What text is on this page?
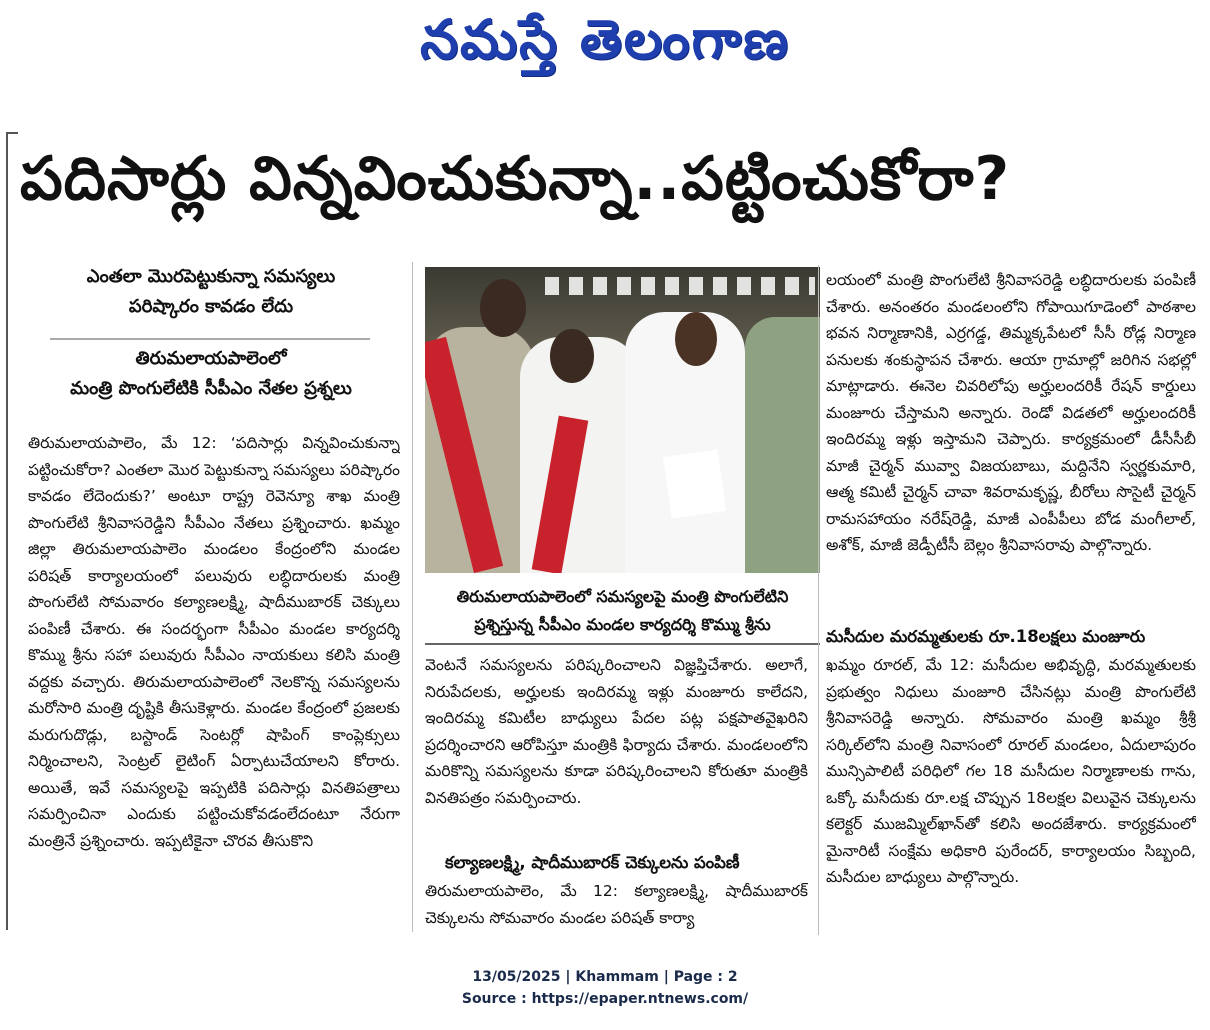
నమస్తే తెలంగాణ
పదిసార్లు విన్నవించుకున్నా..పట్టించుకోరా?
ఎంతలా మొరపెట్టుకున్నా సమస్యలు
పరిష్కారం కావడం లేదు
తిరుమలాయపాలెంలో
మంత్రి పొంగులేటికి సీపీఎం నేతల ప్రశ్నలు

తిరుమలాయపాలెం, మే 12: ‘పదిసార్లు విన్నవించుకున్నా పట్టించుకోరా? ఎంతలా మొర పెట్టుకున్నా సమస్యలు పరిష్కారం కావడం లేదెందుకు?’ అంటూ రాష్ట్ర రెవెన్యూ శాఖ మంత్రి పొంగులేటి శ్రీనివాసరెడ్డిని సీపీఎం నేతలు ప్రశ్నించారు. ఖమ్మం జిల్లా తిరుమలాయపాలెం మండలం కేంద్రంలోని మండల పరిషత్ కార్యాలయంలో పలువురు లబ్ధిదారులకు మంత్రి పొంగులేటి సోమవారం కల్యాణలక్ష్మి, షాదీముబారక్ చెక్కులు పంపిణీ చేశారు. ఈ సందర్భంగా సీపీఎం మండల కార్యదర్శి కొమ్ము శ్రీను సహా పలువురు సీపీఎం నాయకులు కలిసి మంత్రి వద్దకు వచ్చారు. తిరుమలాయపాలెంలో నెలకొన్న సమస్యలను మరోసారి మంత్రి దృష్టికి తీసుకెళ్లారు. మండల కేంద్రంలో ప్రజలకు మరుగుదొడ్లు, బస్టాండ్ సెంటర్లో షాపింగ్ కాంప్లెక్సులు నిర్మించాలని, సెంట్రల్ లైటింగ్ ఏర్పాటుచేయాలని కోరారు. అయితే, ఇవే సమస్యలపై ఇప్పటికి పదిసార్లు వినతిపత్రాలు సమర్పించినా ఎందుకు పట్టించుకోవడంలేదంటూ నేరుగా మంత్రినే ప్రశ్నించారు. ఇప్పటికైనా చొరవ తీసుకొని

తిరుమలాయపాలెంలో సమస్యలపై మంత్రి పొంగులేటిని
ప్రశ్నిస్తున్న సీపీఎం మండల కార్యదర్శి కొమ్ము శ్రీను

వెంటనే సమస్యలను పరిష్కరించాలని విజ్ఞప్తిచేశారు. అలాగే, నిరుపేదలకు, అర్హులకు ఇందిరమ్మ ఇళ్లు మంజూరు కాలేదని, ఇందిరమ్మ కమిటీల బాధ్యులు పేదల పట్ల పక్షపాతవైఖరిని ప్రదర్శించారని ఆరోపిస్తూ మంత్రికి ఫిర్యాదు చేశారు. మండలంలోని మరికొన్ని సమస్యలను కూడా పరిష్కరించాలని కోరుతూ మంత్రికి వినతిపత్రం సమర్పించారు.

కల్యాణలక్ష్మి, షాదీముబారక్ చెక్కులను పంపిణీ

తిరుమలాయపాలెం, మే 12: కల్యాణలక్ష్మి, షాదీముబారక్ చెక్కులను సోమవారం మండల పరిషత్ కార్యా

లయంలో మంత్రి పొంగులేటి శ్రీనివాసరెడ్డి లబ్ధిదారులకు పంపిణీ చేశారు. అనంతరం మండలంలోని గోపాయిగూడెంలో పాఠశాల భవన నిర్మాణానికి, ఎర్రగడ్డ, తిమ్మక్కపేటలో సీసీ రోడ్ల నిర్మాణ పనులకు శంకుస్థాపన చేశారు. ఆయా గ్రామాల్లో జరిగిన సభల్లో మాట్లాడారు. ఈనెల చివరిలోపు అర్హులందరికీ రేషన్ కార్డులు మంజూరు చేస్తామని అన్నారు. రెండో విడతలో అర్హులందరికీ ఇందిరమ్మ ఇళ్లు ఇస్తామని చెప్పారు. కార్యక్రమంలో డీసీసీబీ మాజీ చైర్మన్ మువ్వా విజయబాబు, మద్దినేని స్వర్ణకుమారి, ఆత్మ కమిటీ చైర్మన్ చావా శివరామకృష్ణ, బీరోలు సొసైటీ చైర్మన్ రామసహాయం నరేష్‌రెడ్డి, మాజీ ఎంపీపీలు బోడ మంగీలాల్, అశోక్, మాజీ జెడ్పీటీసీ బెల్లం శ్రీనివాసరావు పాల్గొన్నారు.

మసీదుల మరమ్మతులకు రూ.18లక్షలు మంజూరు

ఖమ్మం రూరల్, మే 12: మసీదుల అభివృద్ధి, మరమ్మతులకు ప్రభుత్వం నిధులు మంజూరి చేసినట్లు మంత్రి పొంగులేటి శ్రీనివాసరెడ్డి అన్నారు. సోమవారం మంత్రి ఖమ్మం శ్రీశ్రీ సర్కిల్‌లోని మంత్రి నివాసంలో రూరల్ మండలం, ఏదులాపురం మున్సిపాలిటీ పరిధిలో గల 18 మసీదుల నిర్మాణాలకు గాను, ఒక్కో మసీదుకు రూ.లక్ష చొప్పున 18లక్షల విలువైన చెక్కులను కలెక్టర్ ముజమ్మిల్‌ఖాన్‌తో కలిసి అందజేశారు. కార్యక్రమంలో మైనారిటీ సంక్షేమ అధికారి పురేందర్, కార్యాలయం సిబ్బంది, మసీదుల బాధ్యులు పాల్గొన్నారు.

13/05/2025 | Khammam | Page : 2
Source : https://epaper.ntnews.com/
